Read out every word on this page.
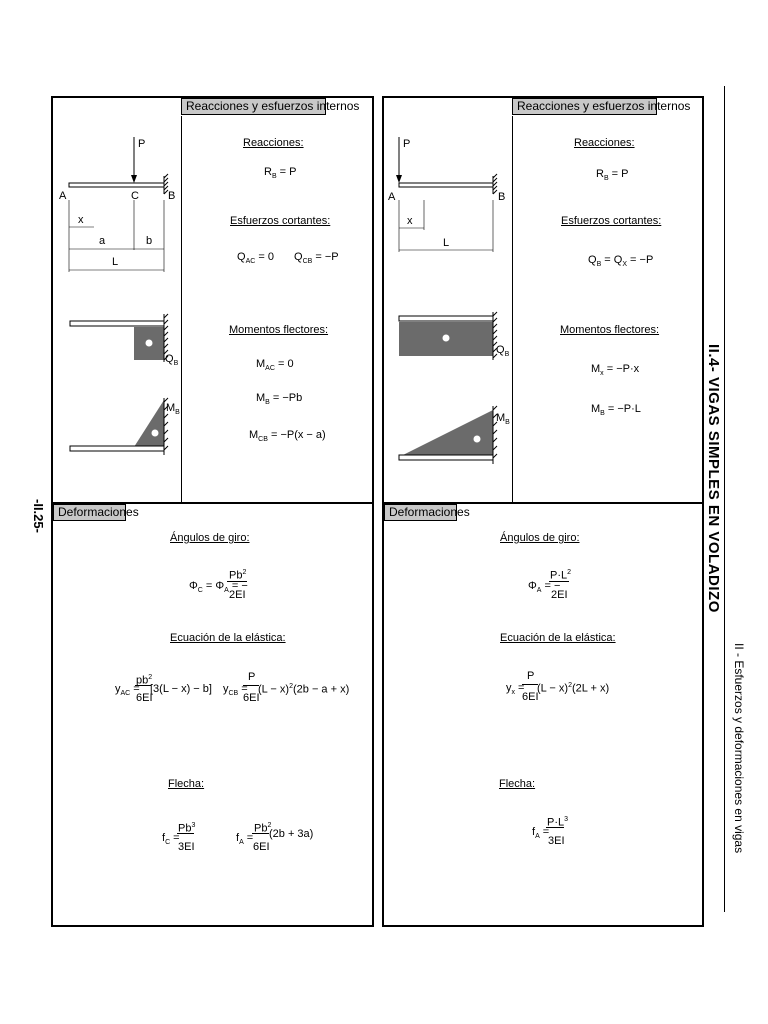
Reacciones y esfuerzos internos
P
A	C	B
x
a	b
L
$Q_B$
$M_B$
Reacciones:
$R_B = P$
Esfuerzos cortantes:
$Q_{AC} = 0$ $Q_{CB} = -P$
Momentos flectores:
$M_{AC} = 0$
$M_B = -Pb$
$M_{CB} = -P(x - a)$
Reacciones y esfuerzos internos
P
A	B
x
L
$Q_B$
$M_B$
Reacciones:
$R_B = P$
Esfuerzos cortantes:
$Q_B = Q_X = -P$
Momentos flectores:
$M_x = -P\cdot x$
$M_B = -P\cdot L$
Deformaciones
Ángulos de giro:
$\Phi_C = \Phi_A$ = −
$Pb^2$
2EI
Ecuación de la elástica:
$y_{AC}$ =
$pb^2$
6EI
[3(L − x) − b] $y_{CB}$ =
P
6EI
$(L - x)^2(2b - a + x)$
Flecha:
$f_C$ =
$Pb^3$
3EI
$f_A$ =
$Pb^2$
6EI
(2b + 3a)
Deformaciones
Ángulos de giro:
$\Phi_A$ = −
$P\cdot L^2$
2EI
Ecuación de la elástica:
$y_x$ =
P
6EI
$(L - x)^2(2L + x)$
Flecha:
$f_A$ =
$P\cdot L^3$
3EI
-II.25-	II.4- VIGAS SIMPLES EN VOLADIZO
II - Esfuerzos y deformaciones en vigas
